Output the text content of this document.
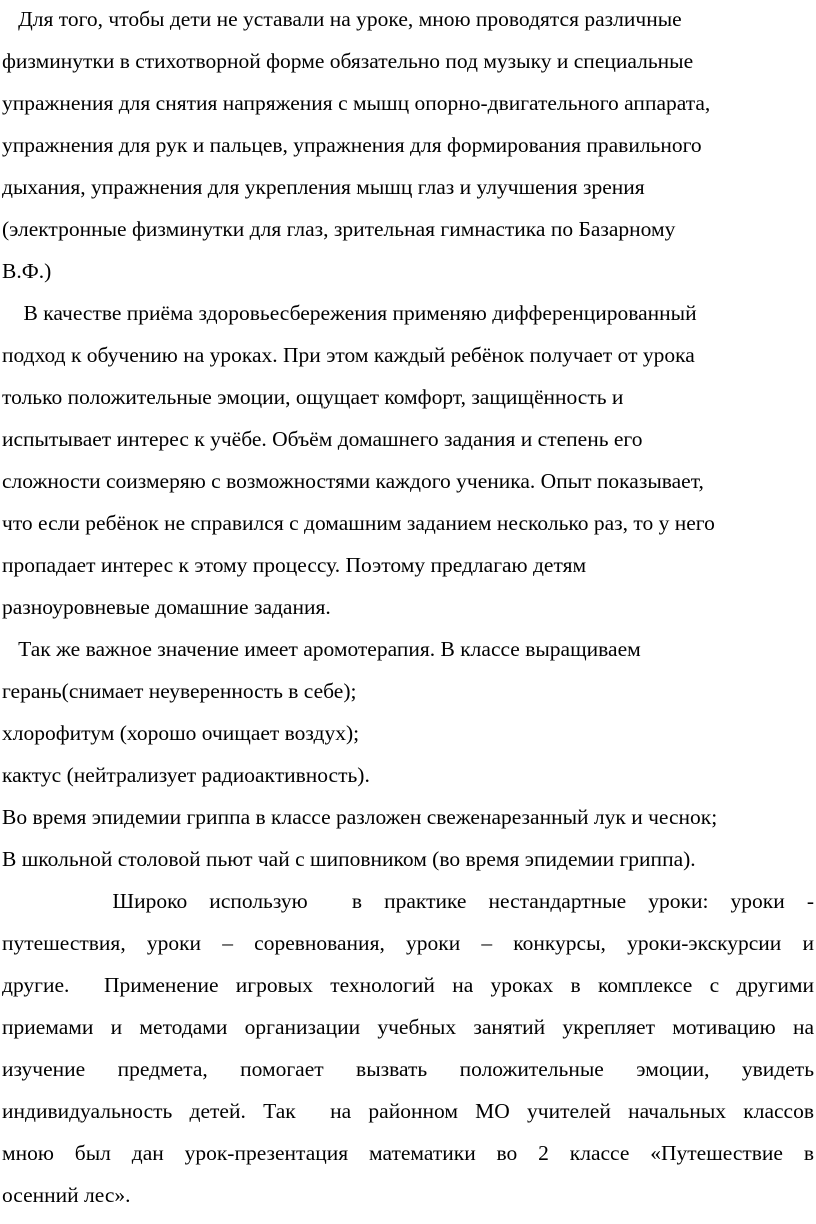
Для того, чтобы дети не уставали на уроке, мною проводятся различные
физминутки в стихотворной форме обязательно под музыку и специальные
упражнения для снятия напряжения с мышц опорно-двигательного аппарата,
упражнения для рук и пальцев, упражнения для формирования правильного
дыхания, упражнения для укрепления мышц глаз и улучшения зрения
(электронные физминутки для глаз, зрительная гимнастика по Базарному
В.Ф.)
В качестве приёма здоровьесбережения применяю дифференцированный
подход к обучению на уроках. При этом каждый ребёнок получает от урока
только положительные эмоции, ощущает комфорт, защищённость и
испытывает интерес к учёбе. Объём домашнего задания и степень его
сложности соизмеряю с возможностями каждого ученика. Опыт показывает,
что если ребёнок не справился с домашним заданием несколько раз, то у него
пропадает интерес к этому процессу. Поэтому предлагаю детям
разноуровневые домашние задания.
Так же важное значение имеет аромотерапия. В классе выращиваем
герань(снимает неуверенность в себе);
хлорофитум (хорошо очищает воздух);
кактус (нейтрализует радиоактивность).
Во время эпидемии гриппа в классе разложен свеженарезанный лук и чеснок;
В школьной столовой пьют чай с шиповником (во время эпидемии гриппа).
Широко использую  в практике нестандартные уроки: уроки -
путешествия, уроки – соревнования, уроки – конкурсы, уроки-экскурсии и
другие.  Применение игровых технологий на уроках в комплексе с другими
приемами и методами организации учебных занятий укрепляет мотивацию на
изучение предмета, помогает вызвать положительные эмоции, увидеть
индивидуальность детей. Так  на районном МО учителей начальных классов
мною был дан урок-презентация математики во 2 классе «Путешествие в
осенний лес».
